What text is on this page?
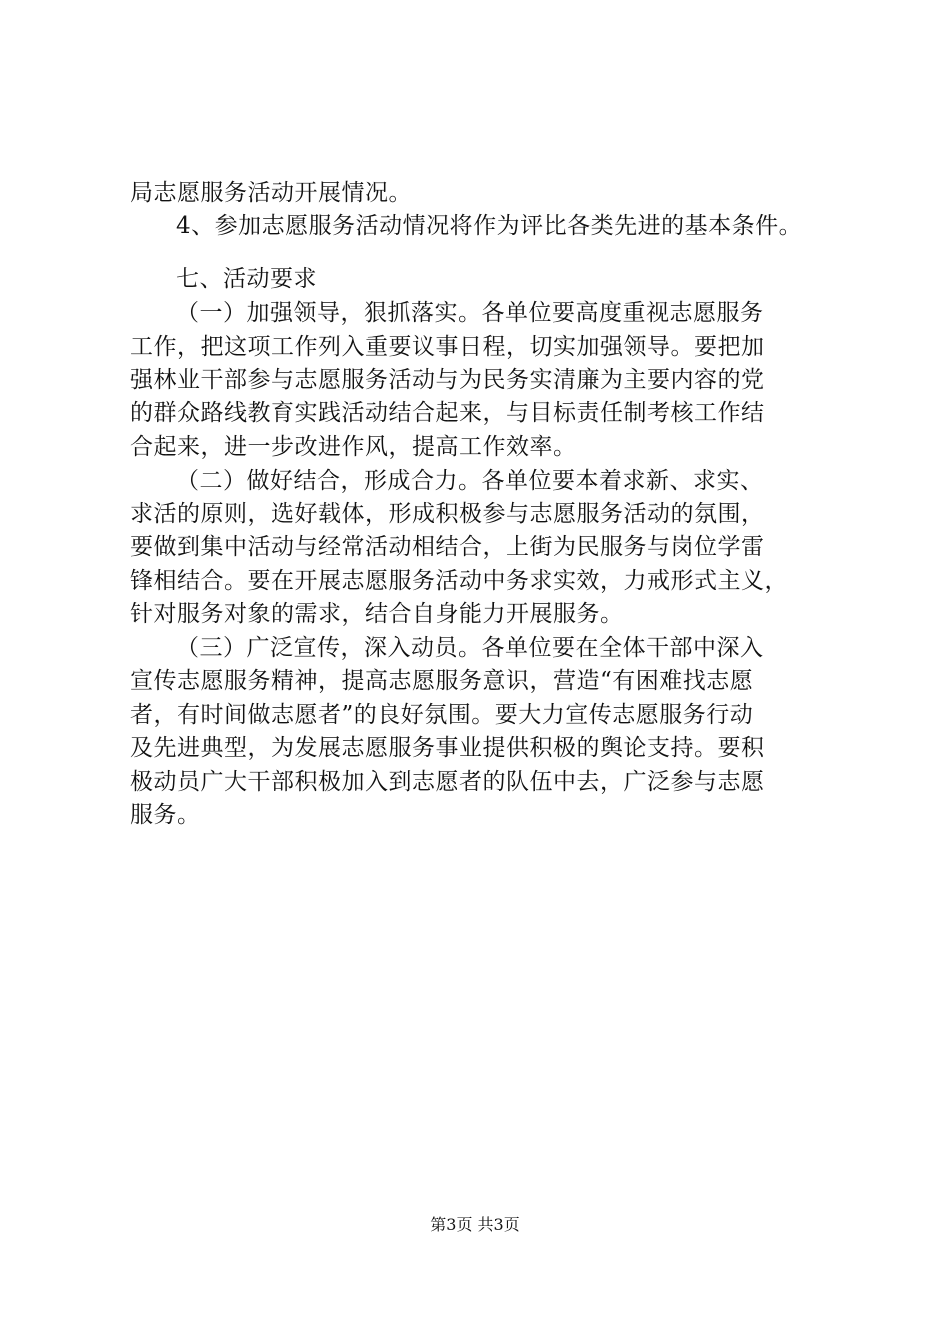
局志愿服务活动开展情况。
4、参加志愿服务活动情况将作为评比各类先进的基本条件。
七、活动要求
（一）加强领导，狠抓落实。各单位要高度重视志愿服务
工作，把这项工作列入重要议事日程，切实加强领导。要把加
强林业干部参与志愿服务活动与为民务实清廉为主要内容的党
的群众路线教育实践活动结合起来，与目标责任制考核工作结
合起来，进一步改进作风，提高工作效率。
（二）做好结合，形成合力。各单位要本着求新、求实、
求活的原则，选好载体，形成积极参与志愿服务活动的氛围，
要做到集中活动与经常活动相结合，上街为民服务与岗位学雷
锋相结合。要在开展志愿服务活动中务求实效，力戒形式主义，
针对服务对象的需求，结合自身能力开展服务。
（三）广泛宣传，深入动员。各单位要在全体干部中深入
宣传志愿服务精神，提高志愿服务意识，营造“有困难找志愿
者，有时间做志愿者”的良好氛围。要大力宣传志愿服务行动
及先进典型，为发展志愿服务事业提供积极的舆论支持。要积
极动员广大干部积极加入到志愿者的队伍中去，广泛参与志愿
服务。
第3页 共3页
